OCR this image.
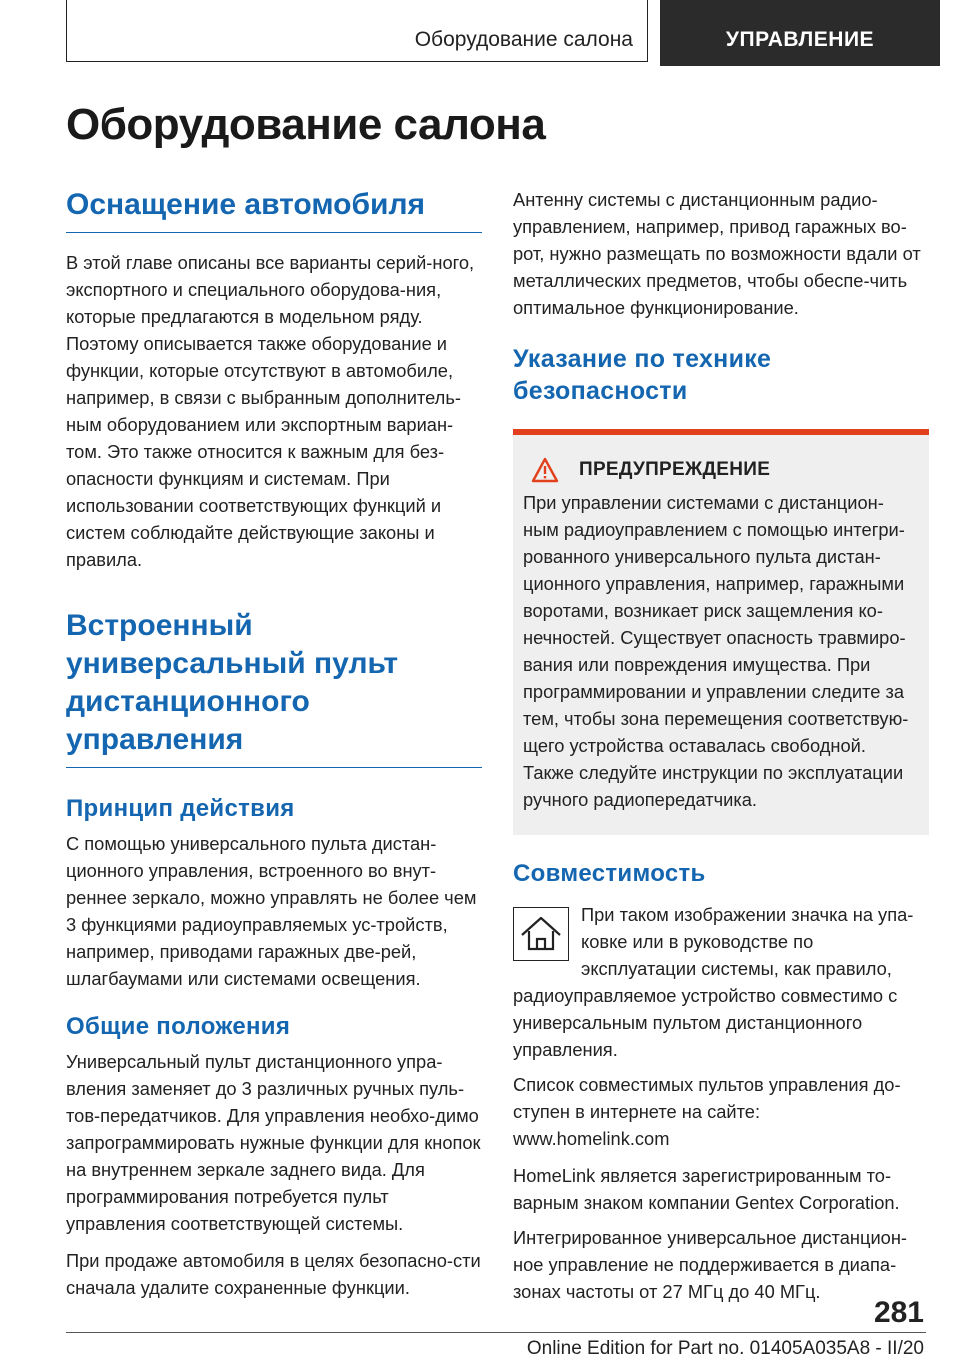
Оборудование салона	УПРАВЛЕНИЕ
Оборудование салона
Оснащение автомобиля

В этой главе описаны все варианты серий-ного, экспортного и специального оборудова-ния, которые предлагаются в модельном ряду. Поэтому описывается также оборудование и функции, которые отсутствуют в автомобиле, например, в связи с выбранным дополнитель-ным оборудованием или экспортным вариан-том. Это также относится к важным для без-опасности функциям и системам. При использовании соответствующих функций и систем соблюдайте действующие законы и правила.

Встроенный универсальный пульт дистанционного управления
Принцип действия

С помощью универсального пульта дистан-ционного управления, встроенного во внут-реннее зеркало, можно управлять не более чем 3 функциями радиоуправляемых ус-тройств, например, приводами гаражных две-рей, шлагбаумами или системами освещения.

Общие положения

Универсальный пульт дистанционного упра-вления заменяет до 3 различных ручных пуль-тов-передатчиков. Для управления необхо-димо запрограммировать нужные функции для кнопок на внутреннем зеркале заднего вида. Для программирования потребуется пульт управления соответствующей системы.

При продаже автомобиля в целях безопасно-сти сначала удалите сохраненные функции.

Антенну системы с дистанционным радио-управлением, например, привод гаражных во-рот, нужно размещать по возможности вдали от металлических предметов, чтобы обеспе-чить оптимальное функционирование.

Указание по технике безопасности
ПРЕДУПРЕЖДЕНИЕ

При управлении системами с дистанцион-ным радиоуправлением с помощью интегри-рованного универсального пульта дистан-ционного управления, например, гаражными воротами, возникает риск защемления ко-нечностей. Существует опасность травмиро-вания или повреждения имущества. При программировании и управлении следите за тем, чтобы зона перемещения соответствую-щего устройства оставалась свободной. Также следуйте инструкции по эксплуатации ручного радиопередатчика.

Совместимость

При таком изображении значка на упа-ковке или в руководстве по эксплуатации системы, как правило, радиоуправляемое устройство совместимо с универсальным пультом дистанционного управления.

Список совместимых пультов управления до-ступен в интернете на сайте:

www.homelink.com

HomeLink является зарегистрированным то-варным знаком компании Gentex Corporation.

Интегрированное универсальное дистанцион-ное управление не поддерживается в диапа-зонах частоты от 27 МГц до 40 МГц.

281
Online Edition for Part no. 01405A035A8 - II/20
